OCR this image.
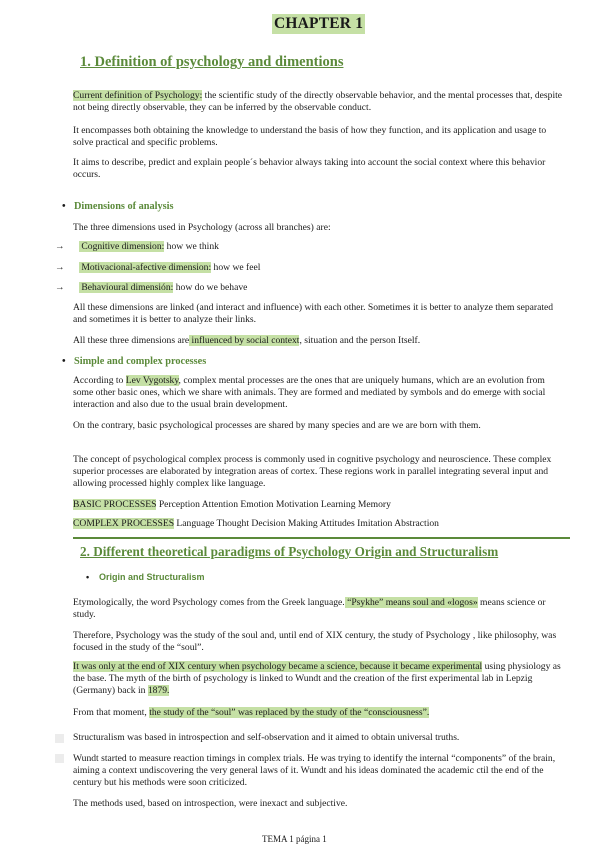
CHAPTER 1
1. Definition of psychology and dimentions
Current definition of Psychology: the scientific study of the directly observable behavior, and the mental processes that, despite not being directly observable, they can be inferred by the observable conduct.
It encompasses both obtaining the knowledge to understand the basis of how they function, and its application and usage to solve practical and specific problems.
It aims to describe, predict and explain people´s behavior always taking into account the social context where this behavior occurs.
• Dimensions of analysis
The three dimensions used in Psychology (across all branches) are:
→ Cognitive dimension: how we think
→ Motivacional-afective dimension: how we feel
→ Behavioural dimensión: how do we behave
All these dimensions are linked (and interact and influence) with each other. Sometimes it is better to analyze them separated and sometimes it is better to analyze their links.
All these three dimensions are influenced by social context, situation and the person Itself.
• Simple and complex processes
According to Lev Vygotsky, complex mental processes are the ones that are uniquely humans, which are an evolution from some other basic ones, which we share with animals. They are formed and mediated by symbols and do emerge with social interaction and also due to the usual brain development.
On the contrary, basic psychological processes are shared by many species and are we are born with them.
The concept of psychological complex process is commonly used in cognitive psychology and neuroscience. These complex superior processes are elaborated by integration areas of cortex. These regions work in parallel integrating several input and allowing processed highly complex like language.
BASIC PROCESSES Perception Attention Emotion Motivation Learning Memory
COMPLEX PROCESSES Language Thought Decision Making Attitudes Imitation Abstraction
2. Different theoretical paradigms of Psychology Origin and Structuralism
• Origin and Structuralism
Etymologically, the word Psychology comes from the Greek language. “Psykhe” means soul and «logos» means science or study.
Therefore, Psychology was the study of the soul and, until end of XIX century, the study of Psychology , like philosophy, was focused in the study of the “soul”.
It was only at the end of XIX century when psychology became a science, because it became experimental using physiology as the base. The myth of the birth of psychology is linked to Wundt and the creation of the first experimental lab in Lepzig (Germany) back in 1879.
From that moment, the study of the “soul” was replaced by the study of the “consciousness”.
Structuralism was based in introspection and self-observation and it aimed to obtain universal truths.
Wundt started to measure reaction timings in complex trials. He was trying to identify the internal “components” of the brain, aiming a context undiscovering the very general laws of it. Wundt and his ideas dominated the academic ctil the end of the century but his methods were soon criticized.
The methods used, based on introspection, were inexact and subjective.
TEMA 1 página 1
